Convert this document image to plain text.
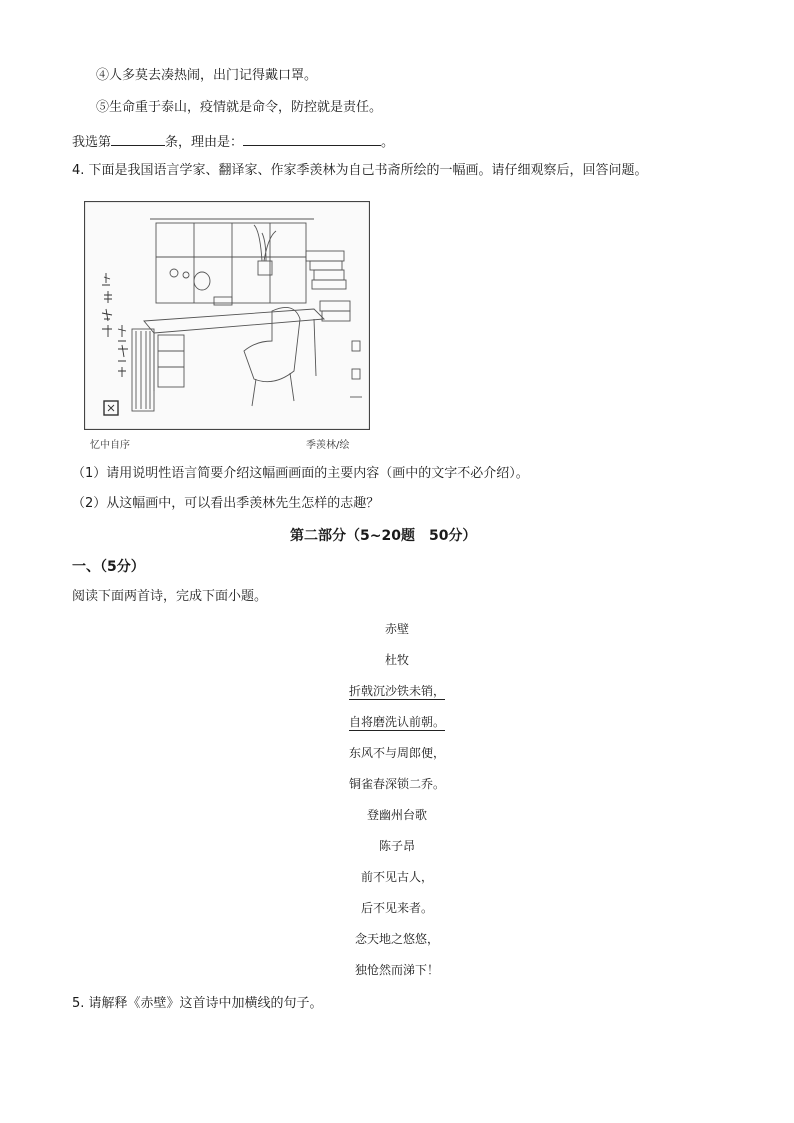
④人多莫去凑热闹，出门记得戴口罩。
⑤生命重于泰山，疫情就是命令，防控就是责任。
我选第	条，理由是：	。
4. 下面是我国语言学家、翻译家、作家季羡林为自己书斋所绘的一幅画。请仔细观察后，回答问题。
忆中自序	季羡林/绘
（1）请用说明性语言简要介绍这幅画画面的主要内容（画中的文字不必介绍）。
（2）从这幅画中，可以看出季羡林先生怎样的志趣？
第二部分（5~20题　50分）
一、（5分）
阅读下面两首诗，完成下面小题。
赤壁
杜牧
折戟沉沙铁未销，
自将磨洗认前朝。
东风不与周郎便，
铜雀春深锁二乔。
登幽州台歌
陈子昂
前不见古人，
后不见来者。
念天地之悠悠，
独怆然而涕下！
5. 请解释《赤壁》这首诗中加横线的句子。
